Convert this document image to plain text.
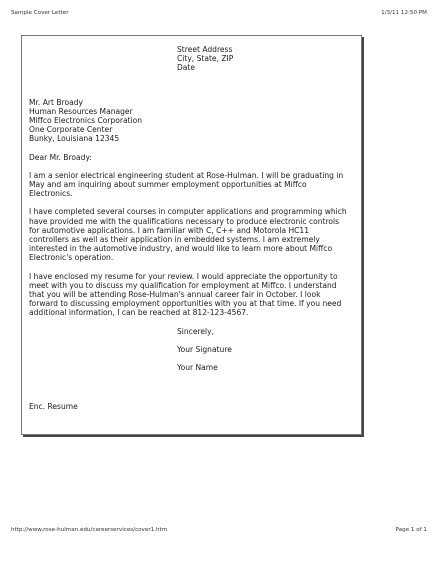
Sample Cover Letter	1/3/11 12:50 PM
Street Address
City, State, ZIP
Date
Mr. Art Broady
Human Resources Manager
Miffco Electronics Corporation
One Corporate Center
Bunky, Louisiana 12345
Dear Mr. Broady:
I am a senior electrical engineering student at Rose-Hulman. I will be graduating in
May and am inquiring about summer employment opportunities at Miffco
Electronics.
I have completed several courses in computer applications and programming which
have provided me with the qualifications necessary to produce electronic controls
for automotive applications. I am familiar with C, C++ and Motorola HC11
controllers as well as their application in embedded systems. I am extremely
interested in the automotive industry, and would like to learn more about Miffco
Electronic's operation.
I have enclosed my resume for your review. I would appreciate the opportunity to
meet with you to discuss my qualification for employment at Miffco. I understand
that you will be attending Rose-Hulman's annual career fair in October. I look
forward to discussing employment opportunities with you at that time. If you need
additional information, I can be reached at 812-123-4567.
Sincerely,
Your Signature
Your Name
Enc. Resume
http://www.rose-hulman.edu/careerservices/cover1.htm	Page 1 of 1
